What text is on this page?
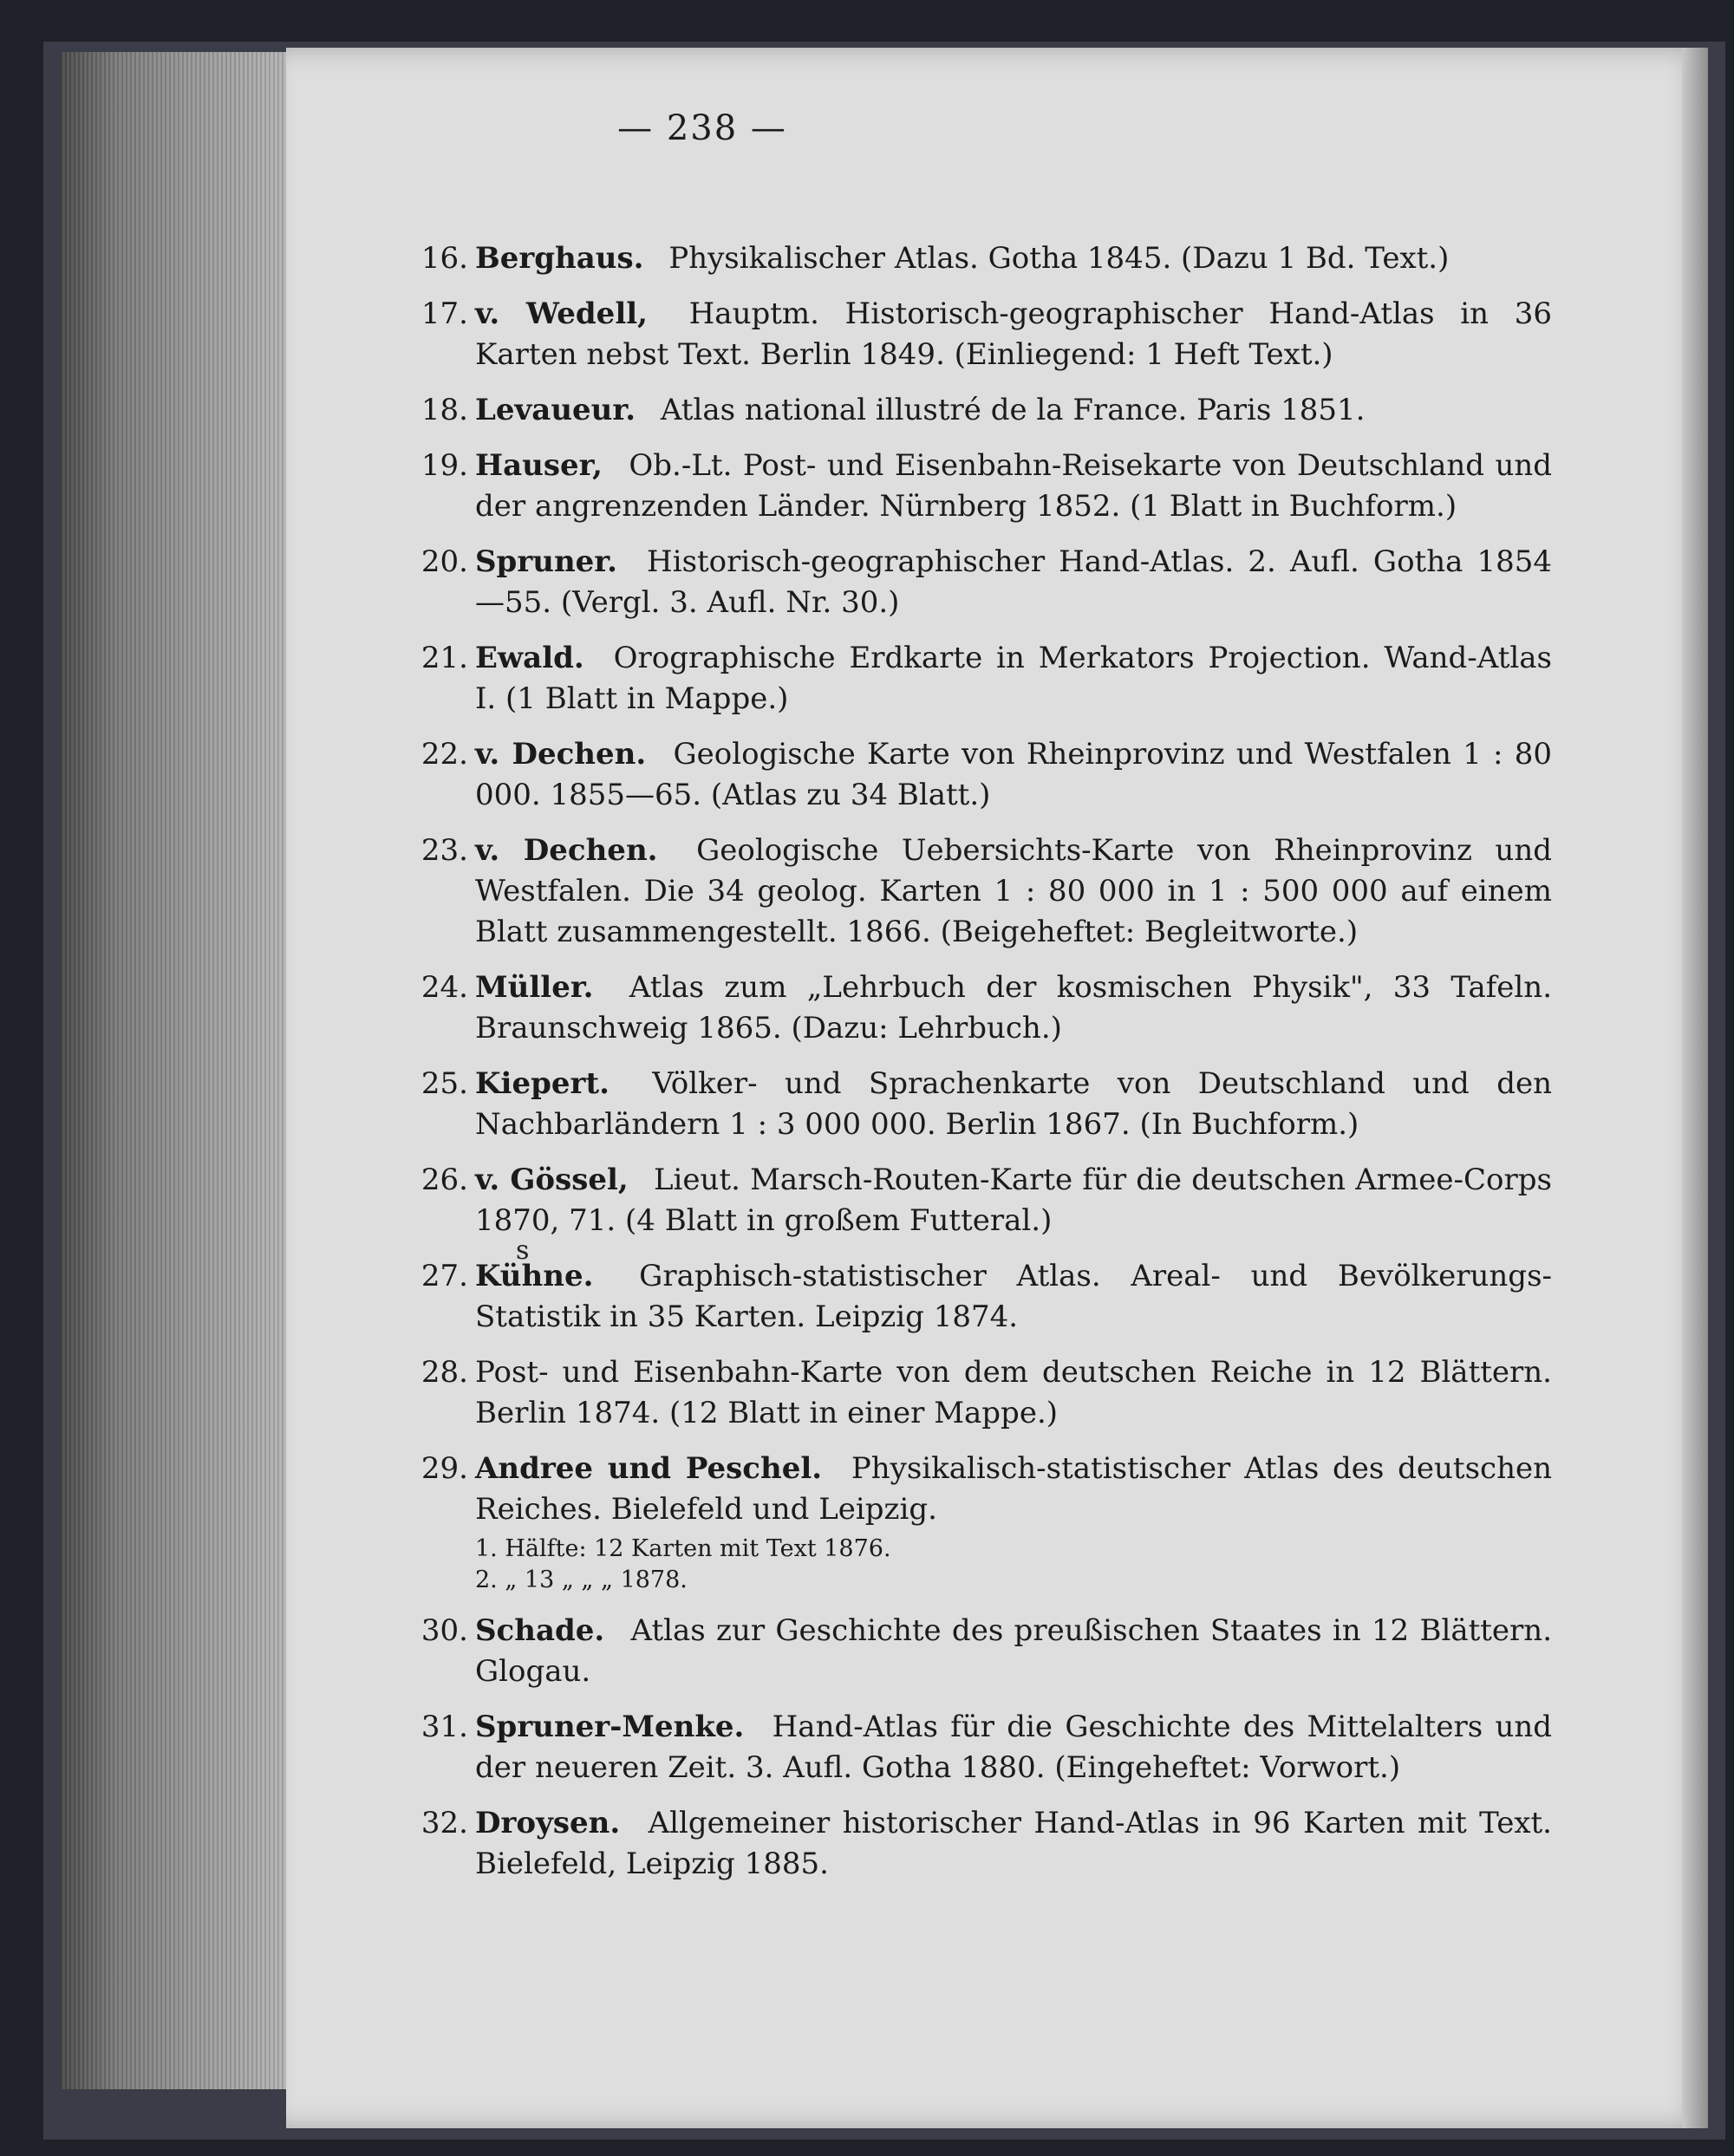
— 238 —
s
16. Berghaus. Physikalischer Atlas. Gotha 1845. (Dazu 1 Bd. Text.)
17. v. Wedell, Hauptm. Historisch-geographischer Hand-Atlas in 36 Karten nebst Text. Berlin 1849. (Einliegend: 1 Heft Text.)
18. Levaueur. Atlas national illustré de la France. Paris 1851.
19. Hauser, Ob.-Lt. Post- und Eisenbahn-Reisekarte von Deutschland und der angrenzenden Länder. Nürnberg 1852. (1 Blatt in Buchform.)
20. Spruner. Historisch-geographischer Hand-Atlas. 2. Aufl. Gotha 1854—55. (Vergl. 3. Aufl. Nr. 30.)
21. Ewald. Orographische Erdkarte in Merkators Projection. Wand-Atlas I. (1 Blatt in Mappe.)
22. v. Dechen. Geologische Karte von Rheinprovinz und Westfalen 1 : 80 000. 1855—65. (Atlas zu 34 Blatt.)
23. v. Dechen. Geologische Uebersichts-Karte von Rheinprovinz und Westfalen. Die 34 geolog. Karten 1 : 80 000 in 1 : 500 000 auf einem Blatt zusammengestellt. 1866. (Beigeheftet: Begleitworte.)
24. Müller. Atlas zum „Lehrbuch der kosmischen Physik", 33 Tafeln. Braunschweig 1865. (Dazu: Lehrbuch.)
25. Kiepert. Völker- und Sprachenkarte von Deutschland und den Nachbarländern 1 : 3 000 000. Berlin 1867. (In Buchform.)
26. v. Gössel, Lieut. Marsch-Routen-Karte für die deutschen Armee-Corps 1870, 71. (4 Blatt in großem Futteral.)
27. Kühne. Graphisch-statistischer Atlas. Areal- und Bevölkerungs-Statistik in 35 Karten. Leipzig 1874.
28. Post- und Eisenbahn-Karte von dem deutschen Reiche in 12 Blättern. Berlin 1874. (12 Blatt in einer Mappe.)
29. Andree und Peschel. Physikalisch-statistischer Atlas des deutschen Reiches. Bielefeld und Leipzig.
1. Hälfte: 12 Karten mit Text 1876.
2. „ 13 „ „ „ 1878.
30. Schade. Atlas zur Geschichte des preußischen Staates in 12 Blättern. Glogau.
31. Spruner-Menke. Hand-Atlas für die Geschichte des Mittelalters und der neueren Zeit. 3. Aufl. Gotha 1880. (Eingeheftet: Vorwort.)
32. Droysen. Allgemeiner historischer Hand-Atlas in 96 Karten mit Text. Bielefeld, Leipzig 1885.
